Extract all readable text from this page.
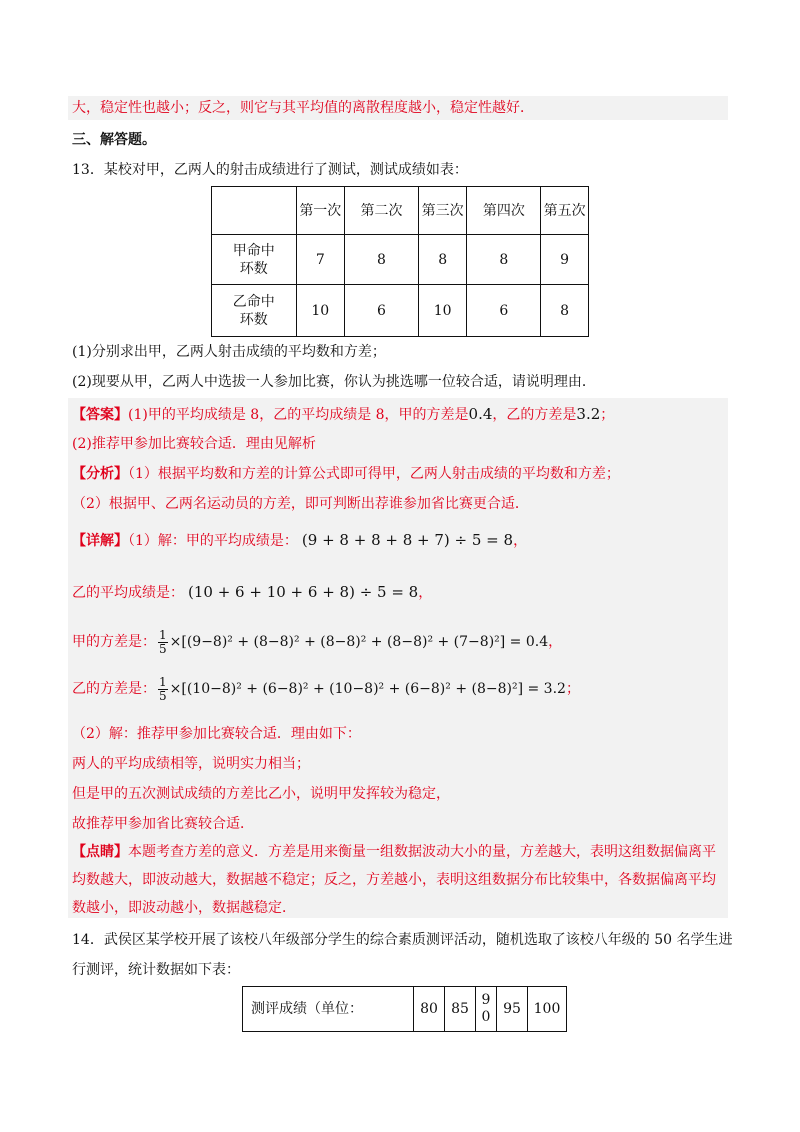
大，稳定性也越小；反之，则它与其平均值的离散程度越小，稳定性越好．
三、解答题。
13．某校对甲，乙两人的射击成绩进行了测试，测试成绩如表：
	第一次	第二次	第三次	第四次	第五次
甲命中环数	7	8	8	8	9
乙命中环数	10	6	10	6	8
(1)分别求出甲，乙两人射击成绩的平均数和方差；
(2)现要从甲，乙两人中选拔一人参加比赛，你认为挑选哪一位较合适，请说明理由．
【答案】(1)甲的平均成绩是 8，乙的平均成绩是 8，甲的方差是0.4，乙的方差是3.2；
(2)推荐甲参加比赛较合适．理由见解析
【分析】（1）根据平均数和方差的计算公式即可得甲，乙两人射击成绩的平均数和方差；
（2）根据甲、乙两名运动员的方差，即可判断出荐谁参加省比赛更合适．
【详解】（1）解：甲的平均成绩是： (9 + 8 + 8 + 8 + 7) ÷ 5 = 8，
乙的平均成绩是： (10 + 6 + 10 + 6 + 8) ÷ 5 = 8，
甲的方差是： $\frac{1}{5} \times[(9-8)^2 + (8-8)^2 + (8-8)^2 + (8-8)^2 + (7-8)^2] = 0.4$，
乙的方差是： $\frac{1}{5} \times[(10-8)^2 + (6-8)^2 + (10-8)^2 + (6-8)^2 + (8-8)^2] = 3.2$；
（2）解：推荐甲参加比赛较合适．理由如下：
两人的平均成绩相等，说明实力相当；
但是甲的五次测试成绩的方差比乙小，说明甲发挥较为稳定，
故推荐甲参加省比赛较合适．
【点睛】本题考查方差的意义．方差是用来衡量一组数据波动大小的量，方差越大，表明这组数据偏离平
均数越大，即波动越大，数据越不稳定；反之，方差越小，表明这组数据分布比较集中，各数据偏离平均
数越小，即波动越小，数据越稳定．
14．武侯区某学校开展了该校八年级部分学生的综合素质测评活动，随机选取了该校八年级的 50 名学生进
行测评，统计数据如下表：
测评成绩（单位：	80	85	90	95	100
